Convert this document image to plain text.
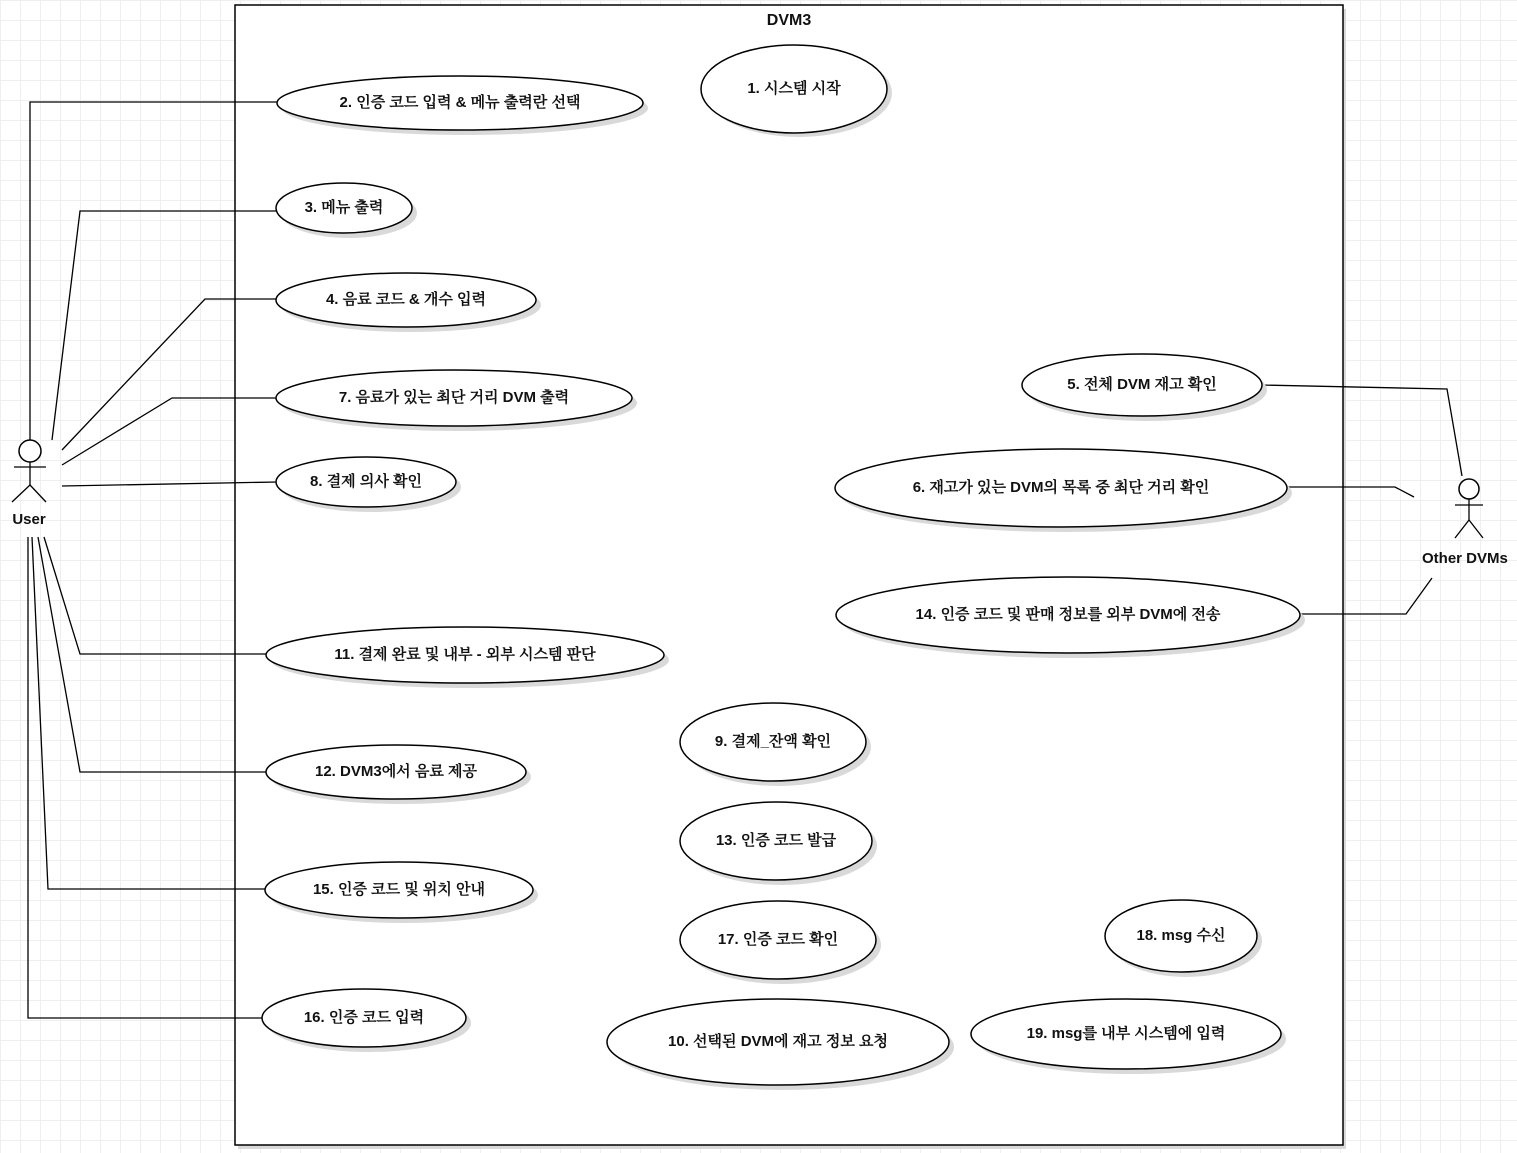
DVM3
User
Other DVMs
1. 시스템 시작
2. 인증 코드 입력 & 메뉴 출력란 선택
3. 메뉴 출력
4. 음료 코드 & 개수 입력
7. 음료가 있는 최단 거리 DVM 출력
8. 결제 의사 확인
5. 전체 DVM 재고 확인
6. 재고가 있는 DVM의 목록 중 최단 거리 확인
14. 인증 코드 및 판매 정보를 외부 DVM에 전송
11. 결제 완료 및 내부 - 외부 시스템 판단
9. 결제_잔액 확인
12. DVM3에서 음료 제공
13. 인증 코드 발급
15. 인증 코드 및 위치 안내
17. 인증 코드 확인	18. msg 수신
16. 인증 코드 입력
10. 선택된 DVM에 재고 정보 요청	19. msg를 내부 시스템에 입력
